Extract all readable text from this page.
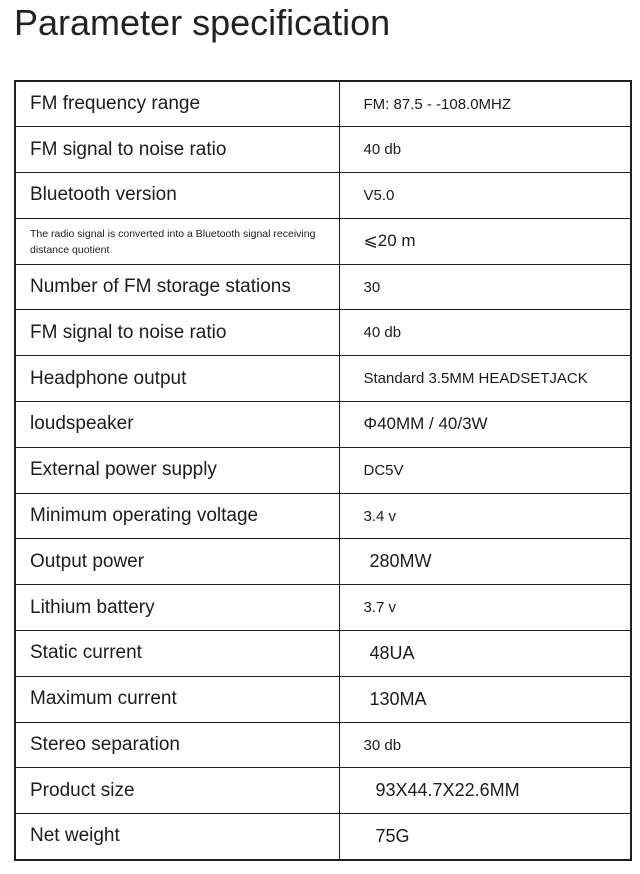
Parameter specification
FM frequency range	FM: 87.5 - -108.0MHZ
FM signal to noise ratio	40 db
Bluetooth version	V5.0
The radio signal is converted into a Bluetooth signal receiving distance quotient	⩽20 m
Number of FM storage stations	30
FM signal to noise ratio	40 db
Headphone output	Standard 3.5MM HEADSETJACK
loudspeaker	Φ40MM / 40/3W
External power supply	DC5V
Minimum operating voltage	3.4 v
Output power	280MW
Lithium battery	3.7 v
Static current	48UA
Maximum current	130MA
Stereo separation	30 db
Product size	93X44.7X22.6MM
Net weight	75G
